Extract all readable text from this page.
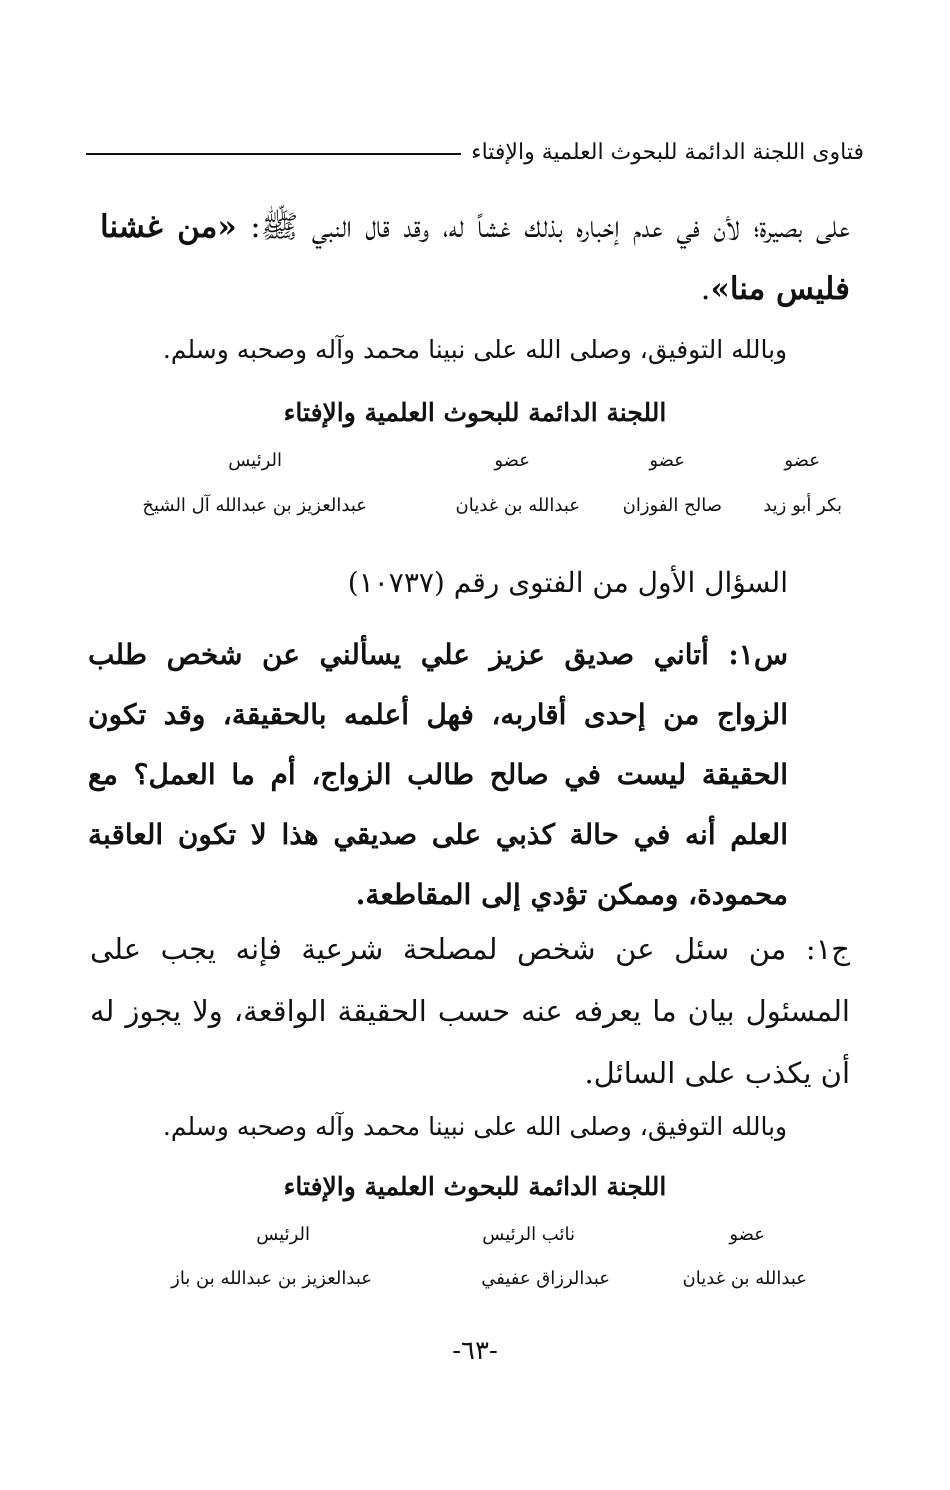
فتاوى اللجنة الدائمة للبحوث العلمية والإفتاء
على بصيرة؛ لأن في عدم إخباره بذلك غشاً له، وقد قال النبي ﷺ: «من غشنا فليس منا».
وبالله التوفيق، وصلى الله على نبينا محمد وآله وصحبه وسلم.
اللجنة الدائمة للبحوث العلمية والإفتاء
عضو
عضو
عضو
الرئيس
بكر أبو زيد
صالح الفوزان
عبدالله بن غديان
عبدالعزيز بن عبدالله آل الشيخ
السؤال الأول من الفتوى رقم (١٠٧٣٧)
س١: أتاني صديق عزيز علي يسألني عن شخص طلب الزواج من إحدى أقاربه، فهل أعلمه بالحقيقة، وقد تكون الحقيقة ليست في صالح طالب الزواج، أم ما العمل؟ مع العلم أنه في حالة كذبي على صديقي هذا لا تكون العاقبة محمودة، وممكن تؤدي إلى المقاطعة.
ج١: من سئل عن شخص لمصلحة شرعية فإنه يجب على المسئول بيان ما يعرفه عنه حسب الحقيقة الواقعة، ولا يجوز له أن يكذب على السائل.
وبالله التوفيق، وصلى الله على نبينا محمد وآله وصحبه وسلم.
اللجنة الدائمة للبحوث العلمية والإفتاء
عضو
نائب الرئيس
الرئيس
عبدالله بن غديان
عبدالرزاق عفيفي
عبدالعزيز بن عبدالله بن باز
-٦٣-
